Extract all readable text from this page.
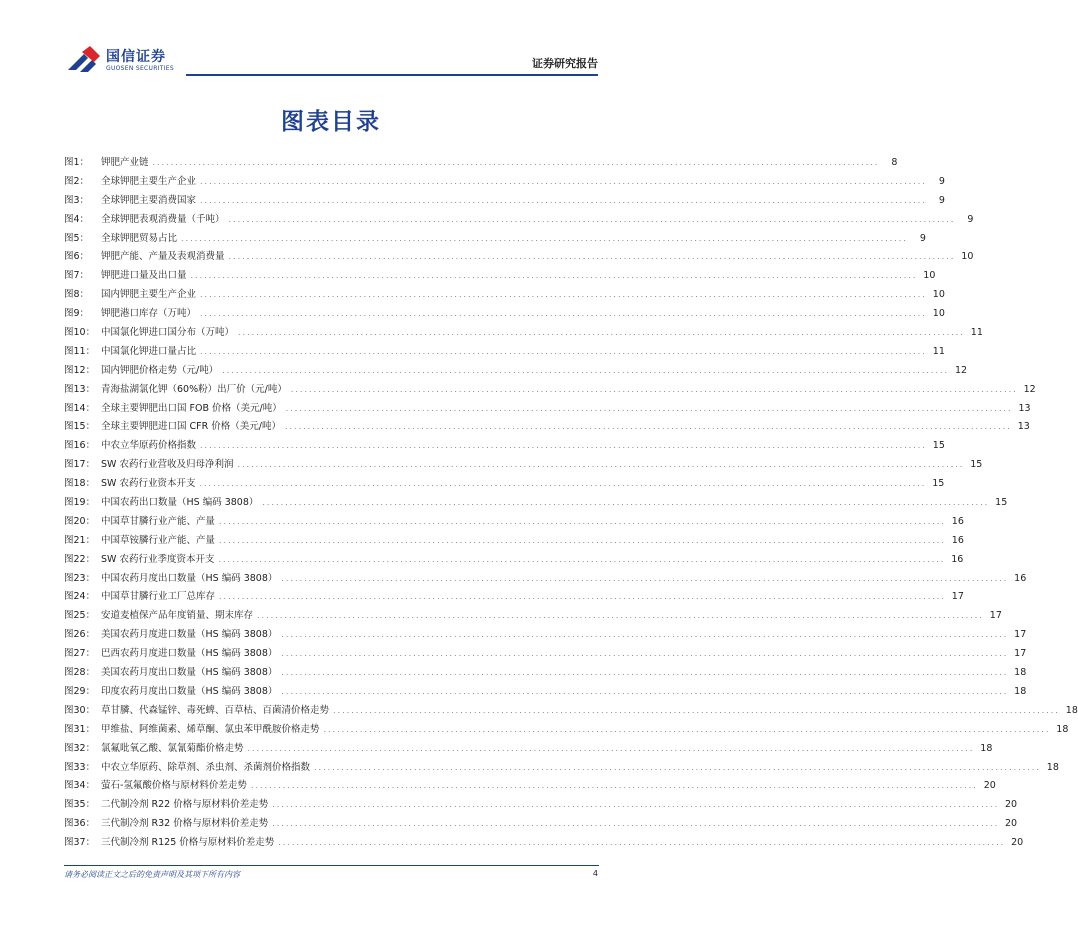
国信证券
GUOSEN SECURITIES	证券研究报告
图表目录
图1：	钾肥产业链 ................................................................................................................................................................	8
图2：	全球钾肥主要生产企业 ................................................................................................................................................................	9
图3：	全球钾肥主要消费国家 ................................................................................................................................................................	9
图4：	全球钾肥表观消费量（千吨） ................................................................................................................................................................	9
图5：	全球钾肥贸易占比 ................................................................................................................................................................	9
图6：	钾肥产能、产量及表观消费量 ................................................................................................................................................................ 10
图7：	钾肥进口量及出口量 ................................................................................................................................................................ 10
图8：	国内钾肥主要生产企业 ................................................................................................................................................................ 10
图9：	钾肥港口库存（万吨） ................................................................................................................................................................ 10
图10： 中国氯化钾进口国分布（万吨） ................................................................................................................................................................ 11
图11： 中国氯化钾进口量占比 ................................................................................................................................................................ 11
图12： 国内钾肥价格走势（元/吨） ................................................................................................................................................................ 12
图13： 青海盐湖氯化钾（60%粉）出厂价（元/吨） ................................................................................................................................................................ 12
图14： 全球主要钾肥出口国 FOB 价格（美元/吨） ................................................................................................................................................................ 13
图15： 全球主要钾肥进口国 CFR 价格（美元/吨） ................................................................................................................................................................ 13
图16： 中农立华原药价格指数 ................................................................................................................................................................ 15
图17： SW 农药行业营收及归母净利润 ................................................................................................................................................................ 15
图18： SW 农药行业资本开支 ................................................................................................................................................................ 15
图19： 中国农药出口数量（HS 编码 3808） ................................................................................................................................................................ 15
图20： 中国草甘膦行业产能、产量 ................................................................................................................................................................ 16
图21： 中国草铵膦行业产能、产量 ................................................................................................................................................................ 16
图22： SW 农药行业季度资本开支 ................................................................................................................................................................ 16
图23： 中国农药月度出口数量（HS 编码 3808） ................................................................................................................................................................ 16
图24： 中国草甘膦行业工厂总库存 ................................................................................................................................................................ 17
图25： 安道麦植保产品年度销量、期末库存 ................................................................................................................................................................ 17
图26： 美国农药月度进口数量（HS 编码 3808） ................................................................................................................................................................ 17
图27： 巴西农药月度进口数量（HS 编码 3808） ................................................................................................................................................................ 17
图28： 美国农药月度出口数量（HS 编码 3808） ................................................................................................................................................................ 18
图29： 印度农药月度出口数量（HS 编码 3808） ................................................................................................................................................................ 18
图30： 草甘膦、代森锰锌、毒死蜱、百草枯、百菌清价格走势 ................................................................................................................................................................ 18
图31： 甲维盐、阿维菌素、烯草酮、氯虫苯甲酰胺价格走势 ................................................................................................................................................................ 18
图32： 氯氟吡氧乙酸、氯氰菊酯价格走势 ................................................................................................................................................................ 18
图33： 中农立华原药、除草剂、杀虫剂、杀菌剂价格指数 ................................................................................................................................................................ 18
图34： 萤石-氢氟酸价格与原材料价差走势 ................................................................................................................................................................ 20
图35： 二代制冷剂 R22 价格与原材料价差走势 ................................................................................................................................................................ 20
图36： 三代制冷剂 R32 价格与原材料价差走势 ................................................................................................................................................................ 20
图37： 三代制冷剂 R125 价格与原材料价差走势 ................................................................................................................................................................ 20
请务必阅读正文之后的免责声明及其项下所有内容	4
